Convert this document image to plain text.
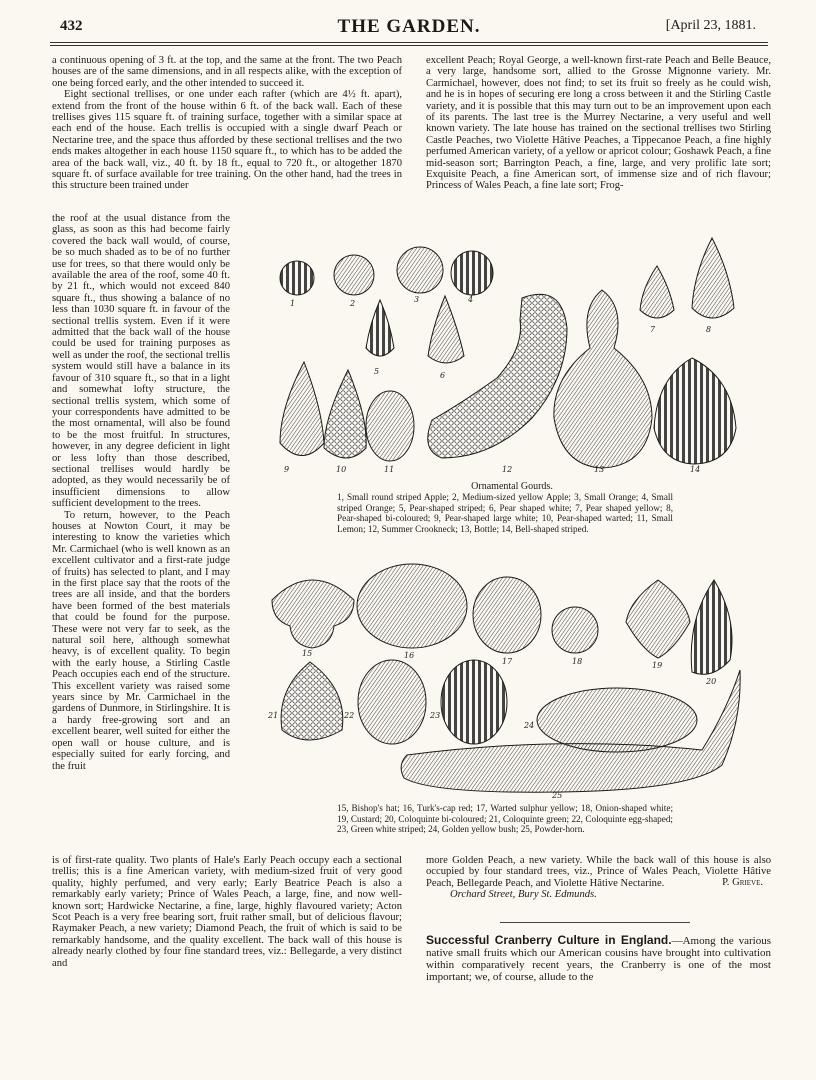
432	THE GARDEN.	[April 23, 1881.

a continuous opening of 3 ft. at the top, and the same at the front. The two Peach houses are of the same dimensions, and in all respects alike, with the exception of one being forced early, and the other intended to succeed it.

Eight sectional trellises, or one under each rafter (which are 4½ ft. apart), extend from the front of the house within 6 ft. of the back wall. Each of these trellises gives 115 square ft. of training surface, together with a similar space at each end of the house. Each trellis is occupied with a single dwarf Peach or Nectarine tree, and the space thus afforded by these sectional trellises and the two ends makes altogether in each house 1150 square ft., to which has to be added the area of the back wall, viz., 40 ft. by 18 ft., equal to 720 ft., or altogether 1870 square ft. of surface available for tree training. On the other hand, had the trees in this structure been trained under

the roof at the usual distance from the glass, as soon as this had become fairly covered the back wall would, of course, be so much shaded as to be of no further use for trees, so that there would only be available the area of the roof, some 40 ft. by 21 ft., which would not exceed 840 square ft., thus showing a balance of no less than 1030 square ft. in favour of the sectional trellis system. Even if it were admitted that the back wall of the house could be used for training purposes as well as under the roof, the sectional trellis system would still have a balance in its favour of 310 square ft., so that in a light and somewhat lofty structure, the sectional trellis system, which some of your correspondents have admitted to be the most ornamental, will also be found to be the most fruitful. In structures, however, in any degree deficient in light or less lofty than those described, sectional trellises would hardly be adopted, as they would necessarily be of insufficient dimensions to allow sufficient development to the trees.

To return, however, to the Peach houses at Nowton Court, it may be interesting to know the varieties which Mr. Carmichael (who is well known as an excellent cultivator and a first-rate judge of fruits) has selected to plant, and I may in the first place say that the roots of the trees are all inside, and that the borders have been formed of the best materials that could be found for the purpose. These were not very far to seek, as the natural soil here, although somewhat heavy, is of excellent quality. To begin with the early house, a Stirling Castle Peach occupies each end of the structure. This excellent variety was raised some years since by Mr. Carmichael in the gardens of Dunmore, in Stirlingshire. It is a hardy free-growing sort and an excellent bearer, well suited for either the open wall or house culture, and is especially suited for early forcing, and the fruit

is of first-rate quality. Two plants of Hale's Early Peach occupy each a sectional trellis; this is a fine American variety, with medium-sized fruit of very good quality, highly perfumed, and very early; Early Beatrice Peach is also a remarkably early variety; Prince of Wales Peach, a large, fine, and now well-known sort; Hardwicke Nectarine, a fine, large, highly flavoured variety; Acton Scot Peach is a very free bearing sort, fruit rather small, but of delicious flavour; Raymaker Peach, a new variety; Diamond Peach, the fruit of which is said to be remarkably handsome, and the quality excellent. The back wall of this house is already nearly clothed by four fine standard trees, viz.: Bellegarde, a very distinct and

excellent Peach; Royal George, a well-known first-rate Peach and Belle Beauce, a very large, handsome sort, allied to the Grosse Mignonne variety. Mr. Carmichael, however, does not find; to set its fruit so freely as he could wish, and he is in hopes of securing ere long a cross between it and the Stirling Castle variety, and it is possible that this may turn out to be an improvement upon each of its parents. The last tree is the Murrey Nectarine, a very useful and well known variety. The late house has trained on the sectional trellises two Stirling Castle Peaches, two Violette Hâtive Peaches, a Tippecanoe Peach, a fine highly perfumed American variety, of a yellow or apricot colour; Goshawk Peach, a fine mid-season sort; Barrington Peach, a fine, large, and very prolific late sort; Exquisite Peach, a fine American sort, of immense size and of rich flavour; Princess of Wales Peach, a fine late sort; Frog-

more Golden Peach, a new variety. While the back wall of this house is also occupied by four standard trees, viz., Prince of Wales Peach, Violette Hâtive Peach, Bellegarde Peach, and Violette Hâtive Nectarine.	P. Grieve.
Orchard Street, Bury St. Edmunds.
1	2	3	4
5	6
7	8
9	10	11	12	13	14
Ornamental Gourds.
1, Small round striped Apple; 2, Medium-sized yellow Apple; 3, Small Orange; 4, Small striped Orange; 5, Pear-shaped striped; 6, Pear shaped white; 7, Pear shaped yellow; 8, Pear-shaped bi-coloured; 9, Pear-shaped large white; 10, Pear-shaped warted; 11, Small Lemon; 12, Summer Crookneck; 13, Bottle; 14, Bell-shaped striped.
15	16
17	18	19
20
21	22	23
24
25
15, Bishop's hat; 16, Turk's-cap red; 17, Warted sulphur yellow; 18, Onion-shaped white; 19, Custard; 20, Coloquinte bi-coloured; 21, Coloquinte green; 22, Coloquinte egg-shaped; 23, Green white striped; 24, Golden yellow bush; 25, Powder-horn.
Successful Cranberry Culture in England.—Among the various native small fruits which our American cousins have brought into cultivation within comparatively recent years, the Cranberry is one of the most important; we, of course, allude to the
